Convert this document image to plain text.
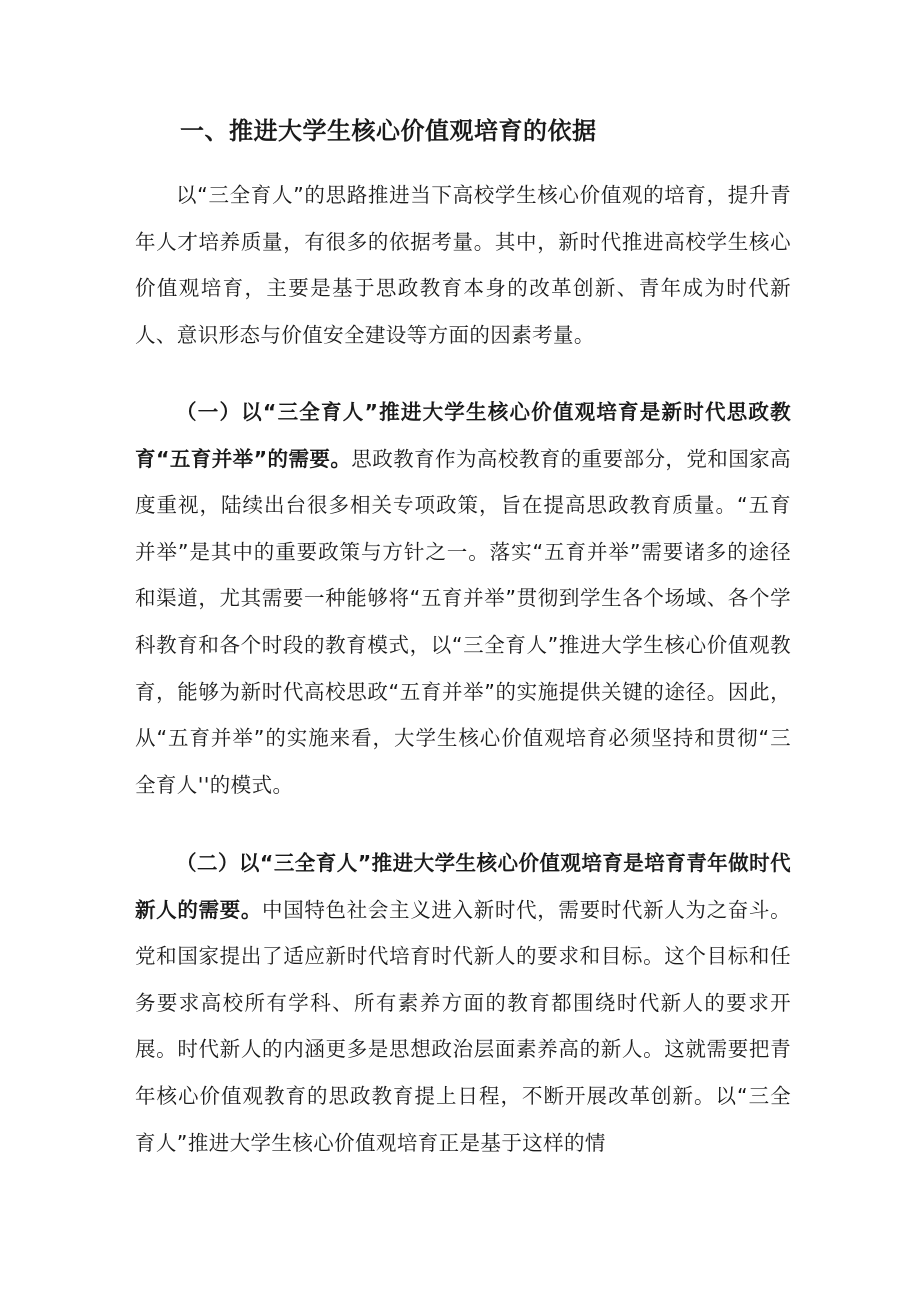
一、推进大学生核心价值观培育的依据

以“三全育人”的思路推进当下高校学生核心价值观的培育，提升青年人才培养质量，有很多的依据考量。其中，新时代推进高校学生核心价值观培育，主要是基于思政教育本身的改革创新、青年成为时代新人、意识形态与价值安全建设等方面的因素考量。

（一）以“三全育人”推进大学生核心价值观培育是新时代思政教育“五育并举”的需要。思政教育作为高校教育的重要部分，党和国家高度重视，陆续出台很多相关专项政策，旨在提高思政教育质量。“五育并举”是其中的重要政策与方针之一。落实“五育并举”需要诸多的途径和渠道，尤其需要一种能够将“五育并举”贯彻到学生各个场域、各个学科教育和各个时段的教育模式，以“三全育人”推进大学生核心价值观教育，能够为新时代高校思政“五育并举”的实施提供关键的途径。因此，从“五育并举”的实施来看，大学生核心价值观培育必须坚持和贯彻“三全育人''的模式。

（二）以“三全育人”推进大学生核心价值观培育是培育青年做时代新人的需要。中国特色社会主义进入新时代，需要时代新人为之奋斗。党和国家提出了适应新时代培育时代新人的要求和目标。这个目标和任务要求高校所有学科、所有素养方面的教育都围绕时代新人的要求开展。时代新人的内涵更多是思想政治层面素养高的新人。这就需要把青年核心价值观教育的思政教育提上日程，不断开展改革创新。以“三全育人”推进大学生核心价值观培育正是基于这样的情
